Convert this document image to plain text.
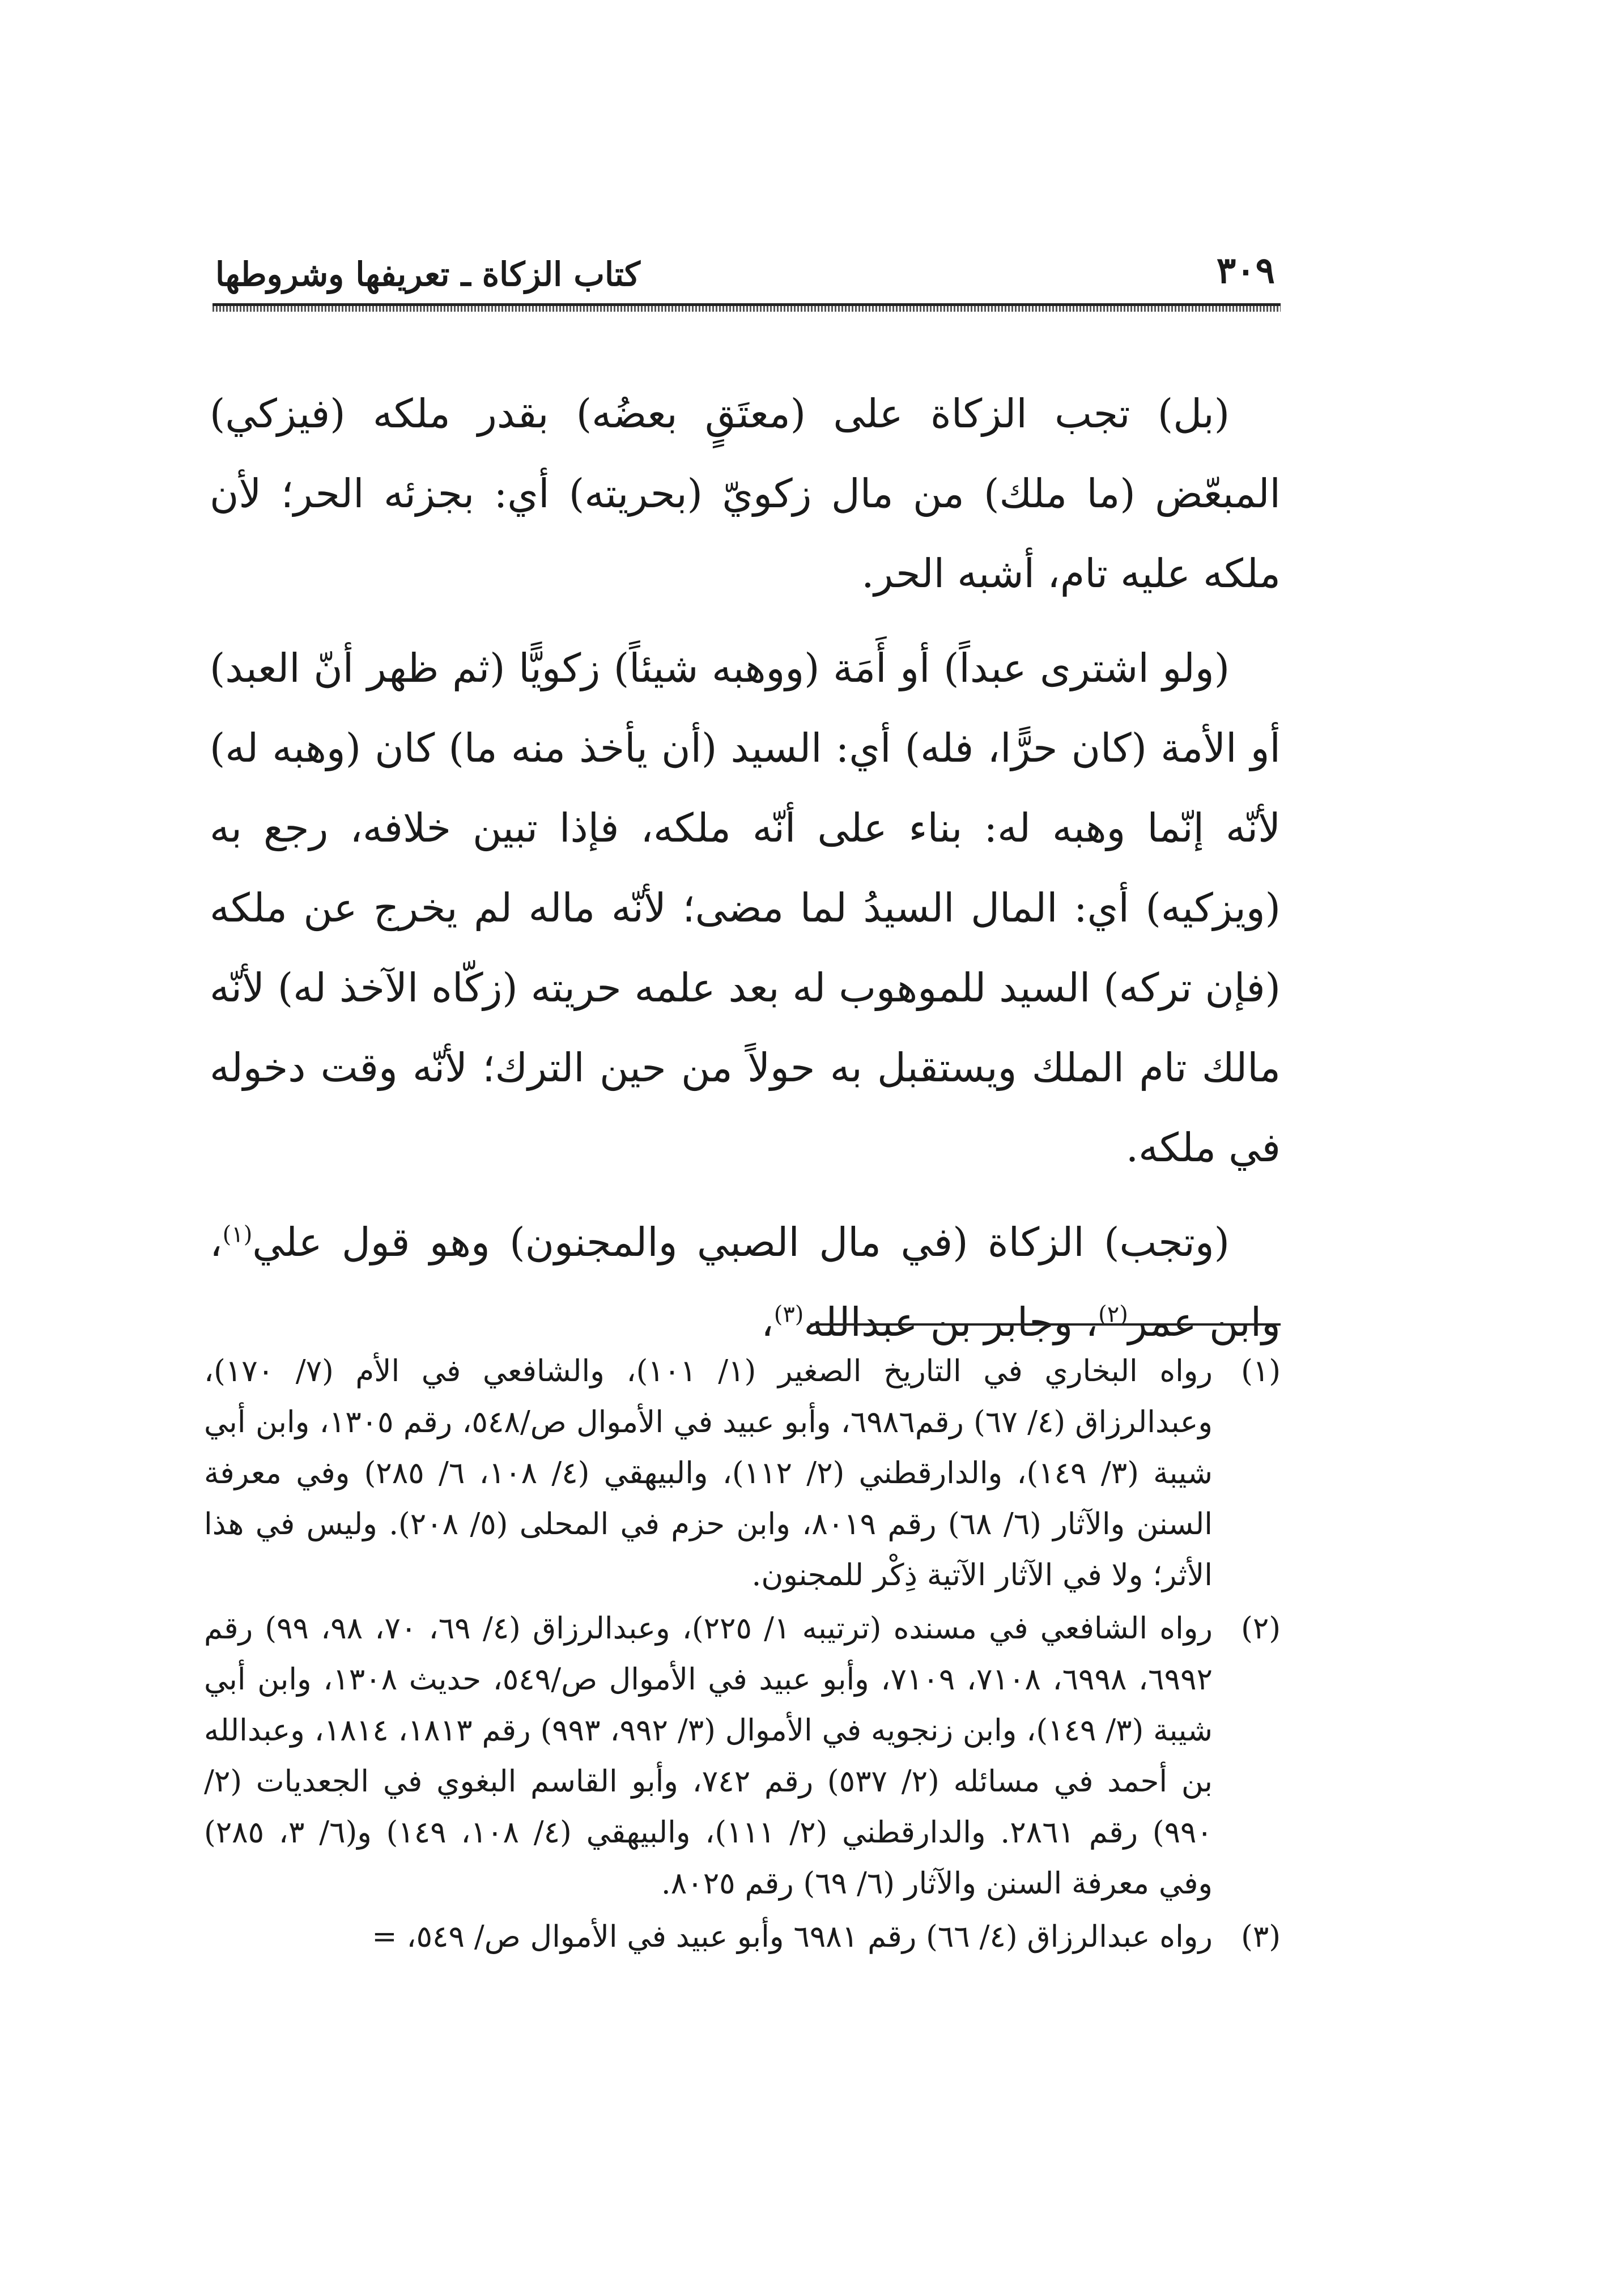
٣٠٩
كتاب الزكاة ـ تعريفها وشروطها

(بل) تجب الزكاة على (معتَقٍ بعضُه) بقدر ملكه (فيزكي) المبعّض (ما ملك) من مال زكويّ (بحريته) أي: بجزئه الحر؛ لأن ملكه عليه تام، أشبه الحر.

(ولو اشترى عبداً) أو أَمَة (ووهبه شيئاً) زكويًّا (ثم ظهر أنّ العبد) أو الأمة (كان حرًّا، فله) أي: السيد (أن يأخذ منه ما) كان (وهبه له) لأنّه إنّما وهبه له: بناء على أنّه ملكه، فإذا تبين خلافه، رجع به (ويزكيه) أي: المال السيدُ لما مضى؛ لأنّه ماله لم يخرج عن ملكه (فإن تركه) السيد للموهوب له بعد علمه حريته (زكّاه الآخذ له) لأنّه مالك تام الملك ويستقبل به حولاً من حين الترك؛ لأنّه وقت دخوله في ملكه.

(وتجب) الزكاة (في مال الصبي والمجنون) وهو قول علي$^{(١)}$، وابن عمر$^{(٢)}$، وجابر بن عبدالله$^{(٣)}$،

(١)
رواه البخاري في التاريخ الصغير (١/ ١٠١)، والشافعي في الأم (٧/ ١٧٠)، وعبدالرزاق (٤/ ٦٧) رقم٦٩٨٦، وأبو عبيد في الأموال ص/٥٤٨، رقم ١٣٠٥، وابن أبي شيبة (٣/ ١٤٩)، والدارقطني (٢/ ١١٢)، والبيهقي (٤/ ١٠٨، ٦/ ٢٨٥) وفي معرفة السنن والآثار (٦/ ٦٨) رقم ٨٠١٩، وابن حزم في المحلى (٥/ ٢٠٨). وليس في هذا الأثر؛ ولا في الآثار الآتية ذِكْر للمجنون.

(٢)
رواه الشافعي في مسنده (ترتيبه ١/ ٢٢٥)، وعبدالرزاق (٤/ ٦٩، ٧٠، ٩٨، ٩٩) رقم ٦٩٩٢، ٦٩٩٨، ٧١٠٨، ٧١٠٩، وأبو عبيد في الأموال ص/٥٤٩، حديث ١٣٠٨، وابن أبي شيبة (٣/ ١٤٩)، وابن زنجويه في الأموال (٣/ ٩٩٢، ٩٩٣) رقم ١٨١٣، ١٨١٤، وعبدالله بن أحمد في مسائله (٢/ ٥٣٧) رقم ٧٤٢، وأبو القاسم البغوي في الجعديات (٢/ ٩٩٠) رقم ٢٨٦١. والدارقطني (٢/ ١١١)، والبيهقي (٤/ ١٠٨، ١٤٩) و(٦/ ٣، ٢٨٥) وفي معرفة السنن والآثار (٦/ ٦٩) رقم ٨٠٢٥.

(٣)
رواه عبدالرزاق (٤/ ٦٦) رقم ٦٩٨١ وأبو عبيد في الأموال ص/ ٥٤٩، =
